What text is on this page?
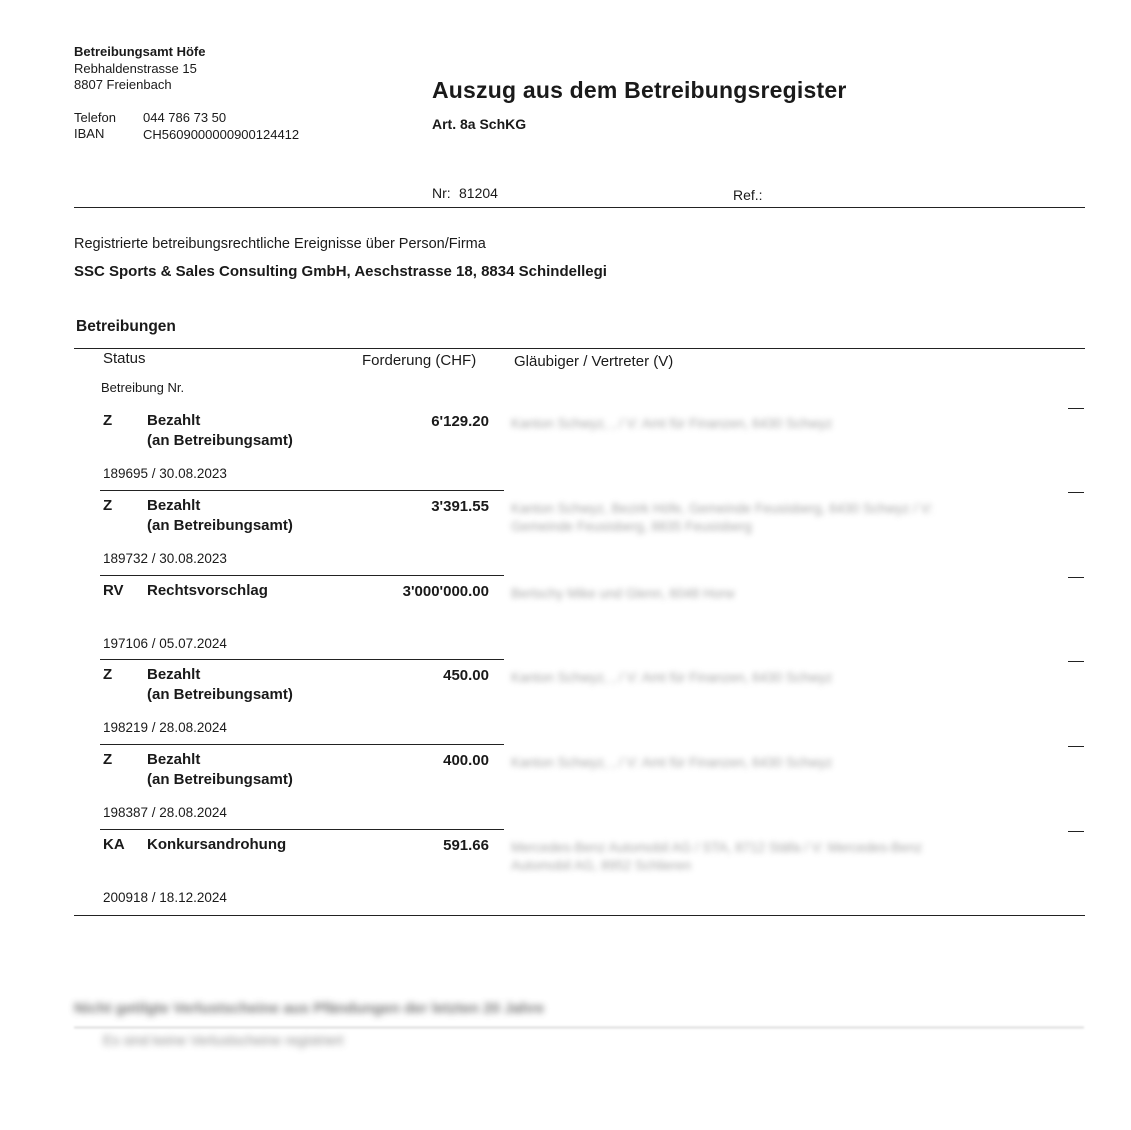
Betreibungsamt Höfe
Rebhaldenstrasse 15
8807 Freienbach
Telefon 044 786 73 50
IBAN	CH5609000000900124412
Auszug aus dem Betreibungsregister
Art. 8a SchKG
Nr: 81204	Ref.:
Registrierte betreibungsrechtliche Ereignisse über Person/Firma
SSC Sports & Sales Consulting GmbH, Aeschstrasse 18, 8834 Schindellegi
Betreibungen
Status	Forderung (CHF)	Gläubiger / Vertreter (V)
Betreibung Nr.
Z Bezahlt
(an Betreibungsamt)
6'129.20 Kanton Schwyz, , / V: Amt für Finanzen, 6430 Schwyz
189695 / 30.08.2023
Z Bezahlt
(an Betreibungsamt)
3'391.55 Kanton Schwyz, Bezirk Höfe, Gemeinde Feusisberg, 6430 Schwyz / V:
Gemeinde Feusisberg, 8835 Feusisberg
189732 / 30.08.2023
RV Rechtsvorschlag	3'000'000.00 Bertschy Mike und Glenn, 6048 Horw
197106 / 05.07.2024
Z Bezahlt
(an Betreibungsamt)
450.00 Kanton Schwyz, , / V: Amt für Finanzen, 6430 Schwyz
198219 / 28.08.2024
Z Bezahlt
(an Betreibungsamt)
400.00 Kanton Schwyz, , / V: Amt für Finanzen, 6430 Schwyz
198387 / 28.08.2024
KA Konkursandrohung	591.66 Mercedes-Benz Automobil AG / STA, 8712 Stäfa / V: Mercedes-Benz
Automobil AG, 8952 Schlieren
200918 / 18.12.2024
Nicht getilgte Verlustscheine aus Pfändungen der letzten 20 Jahre
Es sind keine Verlustscheine registriert
